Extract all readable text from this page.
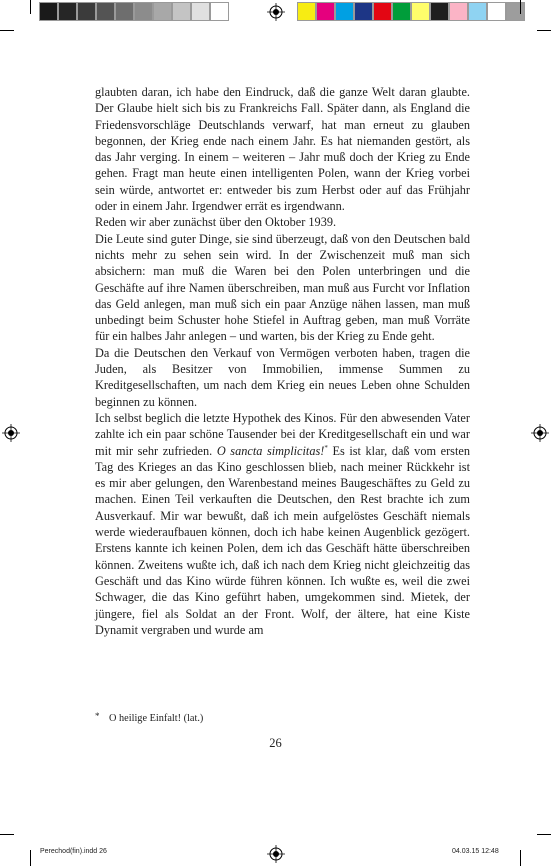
glaubten daran, ich habe den Eindruck, daß die ganze Welt daran glaubte. Der Glaube hielt sich bis zu Frankreichs Fall. Später dann, als England die Friedensvorschläge Deutschlands verwarf, hat man erneut zu glauben begonnen, der Krieg ende nach einem Jahr. Es hat niemanden gestört, als das Jahr verging. In einem – weiteren – Jahr muß doch der Krieg zu Ende gehen. Fragt man heute einen intelligenten Polen, wann der Krieg vorbei sein würde, antwortet er: entweder bis zum Herbst oder auf das Frühjahr oder in einem Jahr. Irgendwer errät es irgendwann.

Reden wir aber zunächst über den Oktober 1939.

Die Leute sind guter Dinge, sie sind überzeugt, daß von den Deutschen bald nichts mehr zu sehen sein wird. In der Zwischenzeit muß man sich absichern: man muß die Waren bei den Polen unterbringen und die Geschäfte auf ihre Namen überschreiben, man muß aus Furcht vor Inflation das Geld anlegen, man muß sich ein paar Anzüge nähen lassen, man muß unbedingt beim Schuster hohe Stiefel in Auftrag geben, man muß Vorräte für ein halbes Jahr anlegen – und warten, bis der Krieg zu Ende geht.

Da die Deutschen den Verkauf von Vermögen verboten haben, tragen die Juden, als Besitzer von Immobilien, immense Summen zu Kreditgesellschaften, um nach dem Krieg ein neues Leben ohne Schulden beginnen zu können.

Ich selbst beglich die letzte Hypothek des Kinos. Für den abwesenden Vater zahlte ich ein paar schöne Tausender bei der Kreditgesellschaft ein und war mit mir sehr zufrieden. O sancta simplicitas!* Es ist klar, daß vom ersten Tag des Krieges an das Kino geschlossen blieb, nach meiner Rückkehr ist es mir aber gelungen, den Warenbestand meines Baugeschäftes zu Geld zu machen. Einen Teil verkauften die Deutschen, den Rest brachte ich zum Ausverkauf. Mir war bewußt, daß ich mein aufgelöstes Geschäft niemals werde wiederaufbauen können, doch ich habe keinen Augenblick gezögert. Erstens kannte ich keinen Polen, dem ich das Geschäft hätte überschreiben können. Zweitens wußte ich, daß ich nach dem Krieg nicht gleichzeitig das Geschäft und das Kino würde führen können. Ich wußte es, weil die zwei Schwager, die das Kino geführt haben, umgekommen sind. Mietek, der jüngere, fiel als Soldat an der Front. Wolf, der ältere, hat eine Kiste Dynamit vergraben und wurde am

* O heilige Einfalt! (lat.)
26
Perechod(fin).indd 26	04.03.15 12:48
